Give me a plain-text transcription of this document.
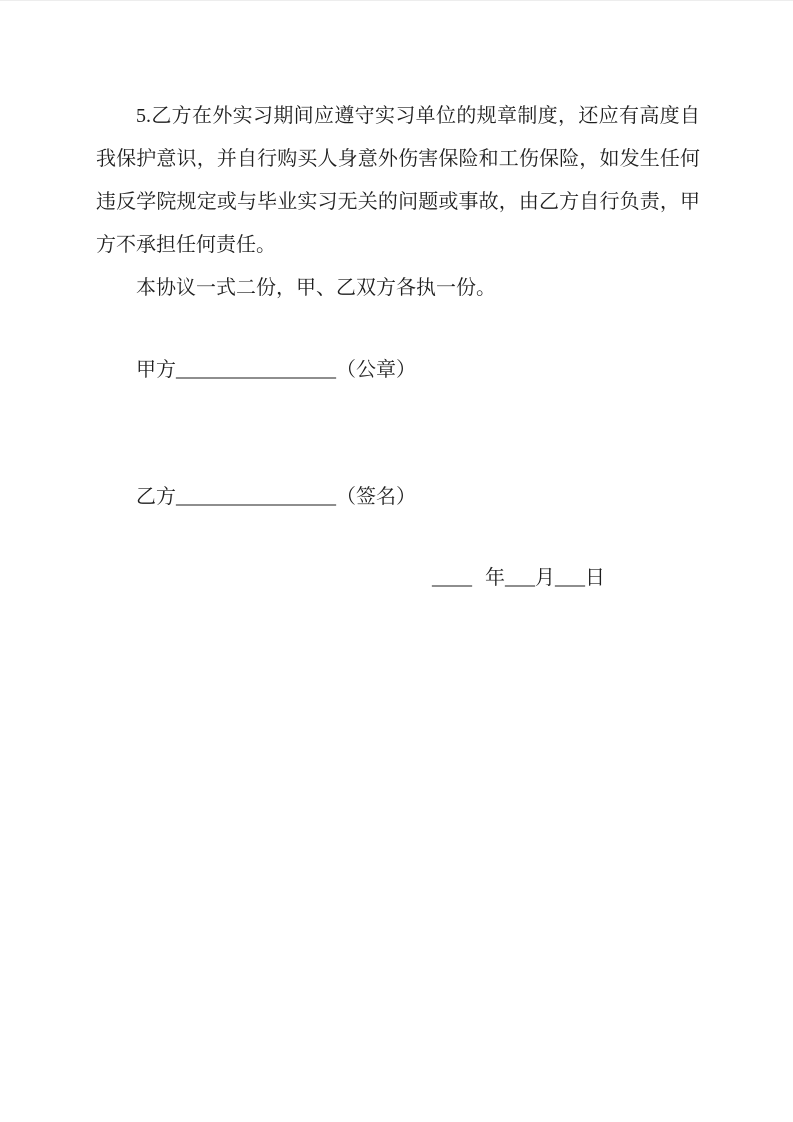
5.乙方在外实习期间应遵守实习单位的规章制度，还应有高度自
我保护意识，并自行购买人身意外伤害保险和工伤保险，如发生任何
违反学院规定或与毕业实习无关的问题或事故，由乙方自行负责，甲
方不承担任何责任。
本协议一式二份，甲、乙双方各执一份。
甲方________________（公章）
乙方________________（签名）
____ 年___月___日
